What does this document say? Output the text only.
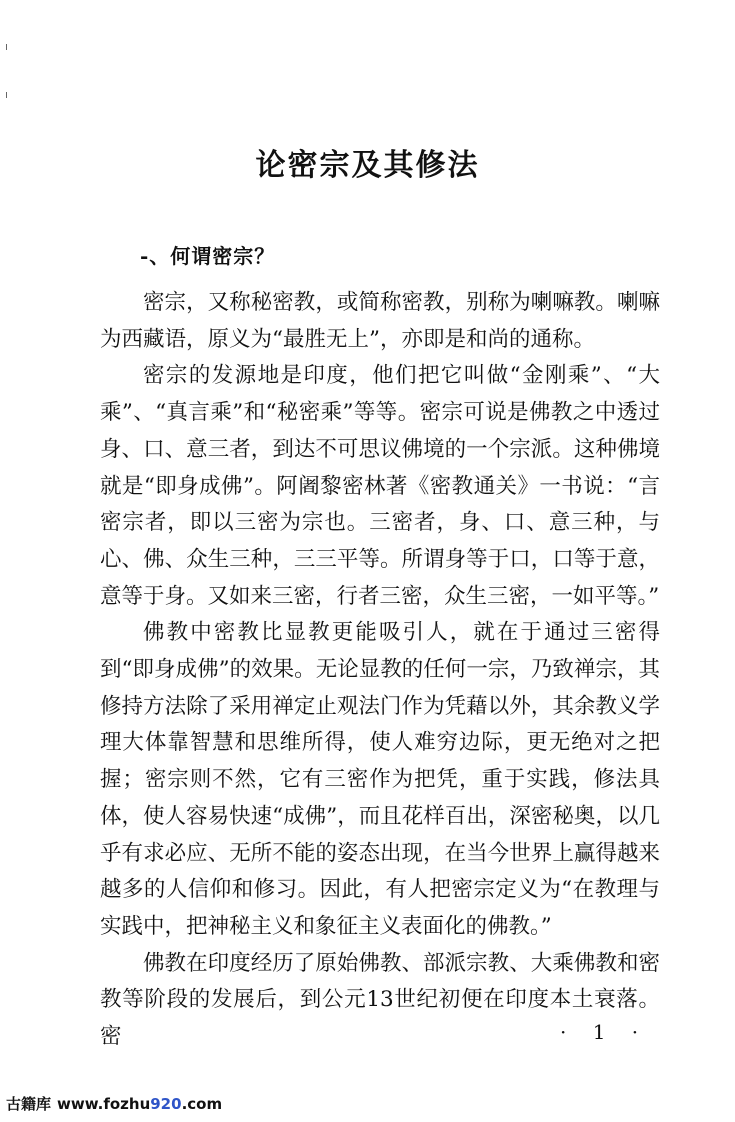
论密宗及其修法
-、何谓密宗？

密宗，又称秘密教，或简称密教，别称为喇嘛教。喇嘛为西藏语，原义为“最胜无上”，亦即是和尚的通称。

密宗的发源地是印度，他们把它叫做“金刚乘”、“大乘”、“真言乘”和“秘密乘”等等。密宗可说是佛教之中透过身、口、意三者，到达不可思议佛境的一个宗派。这种佛境就是“即身成佛”。阿阇黎密林著《密教通关》一书说：“言密宗者，即以三密为宗也。三密者，身、口、意三种，与心、佛、众生三种，三三平等。所谓身等于口，口等于意，意等于身。又如来三密，行者三密，众生三密，一如平等。”

佛教中密教比显教更能吸引人，就在于通过三密得到“即身成佛”的效果。无论显教的任何一宗，乃致禅宗，其修持方法除了采用禅定止观法门作为凭藉以外，其余教义学理大体靠智慧和思维所得，使人难穷边际，更无绝对之把握；密宗则不然，它有三密作为把凭，重于实践，修法具体，使人容易快速“成佛”，而且花样百出，深密秘奥，以几乎有求必应、无所不能的姿态出现，在当今世界上赢得越来越多的人信仰和修习。因此，有人把密宗定义为“在教理与实践中，把神秘主义和象征主义表面化的佛教。”

佛教在印度经历了原始佛教、部派宗教、大乘佛教和密教等阶段的发展后，到公元13世纪初便在印度本土衰落。密	· 1 ·
古籍库 www.fozhu920.com
